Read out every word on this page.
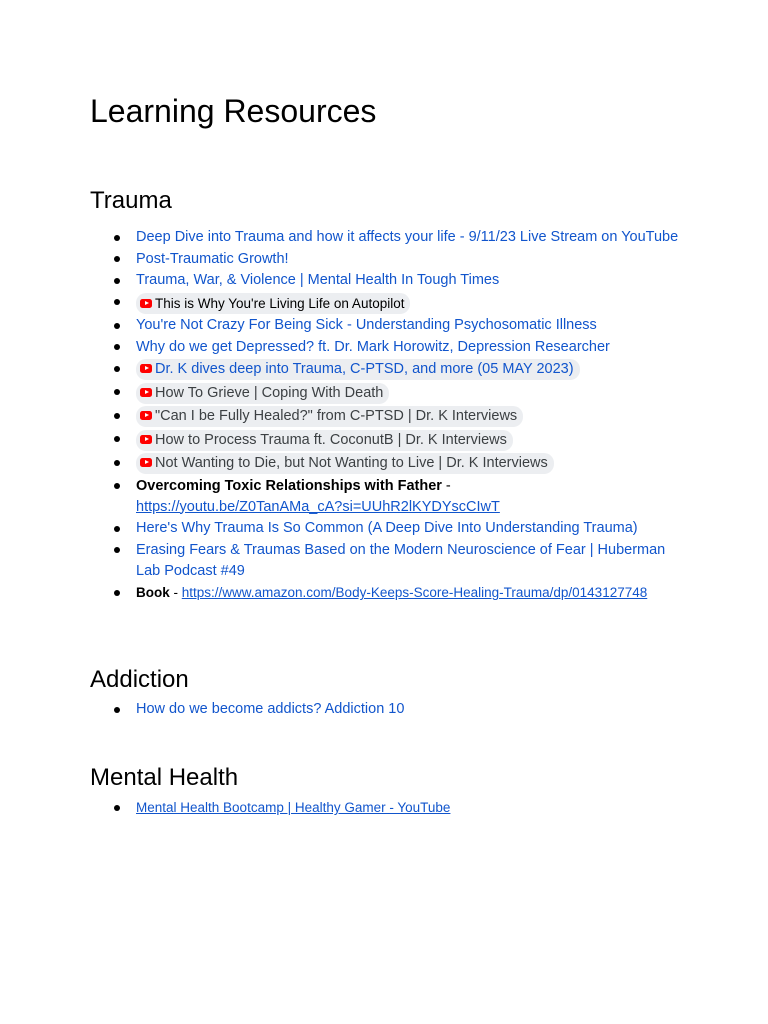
Learning Resources
Trauma
Deep Dive into Trauma and how it affects your life - 9/11/23 Live Stream on YouTube
Post-Traumatic Growth!
Trauma, War, & Violence | Mental Health In Tough Times
This is Why You're Living Life on Autopilot
You're Not Crazy For Being Sick - Understanding Psychosomatic Illness
Why do we get Depressed? ft. Dr. Mark Horowitz, Depression Researcher
Dr. K dives deep into Trauma, C-PTSD, and more (05 MAY 2023)
How To Grieve | Coping With Death
"Can I be Fully Healed?" from C-PTSD | Dr. K Interviews
How to Process Trauma ft. CoconutB | Dr. K Interviews
Not Wanting to Die, but Not Wanting to Live | Dr. K Interviews
Overcoming Toxic Relationships with Father -
https://youtu.be/Z0TanAMa_cA?si=UUhR2lKYDYscCIwT
Here's Why Trauma Is So Common (A Deep Dive Into Understanding Trauma)
Erasing Fears & Traumas Based on the Modern Neuroscience of Fear | Huberman Lab Podcast #49
Book - https://www.amazon.com/Body-Keeps-Score-Healing-Trauma/dp/0143127748
Addiction
How do we become addicts? Addiction 10
Mental Health
Mental Health Bootcamp | Healthy Gamer - YouTube
